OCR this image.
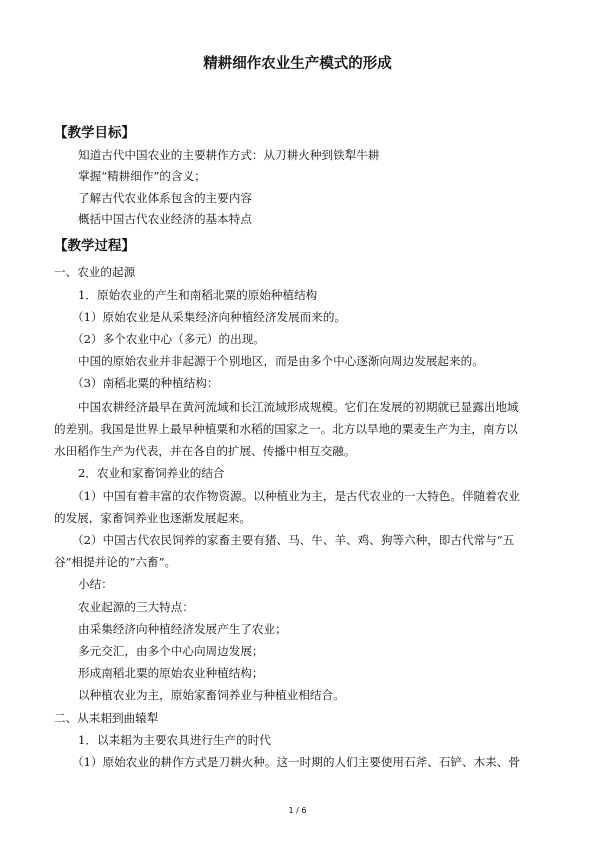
精耕细作农业生产模式的形成
【教学目标】
知道古代中国农业的主要耕作方式：从刀耕火种到铁犁牛耕
掌握“精耕细作”的含义；
了解古代农业体系包含的主要内容
概括中国古代农业经济的基本特点
【教学过程】
一、农业的起源
1．原始农业的产生和南稻北粟的原始种植结构
（1）原始农业是从采集经济向种植经济发展而来的。
（2）多个农业中心（多元）的出现。
中国的原始农业并非起源于个别地区，而是由多个中心逐渐向周边发展起来的。
（3）南稻北粟的种植结构：
中国农耕经济最早在黄河流域和长江流域形成规模。它们在发展的初期就已显露出地域
的差别。我国是世界上最早种植粟和水稻的国家之一。北方以旱地的粟麦生产为主，南方以
水田稻作生产为代表，并在各自的扩展、传播中相互交融。
2．农业和家畜饲养业的结合
（1）中国有着丰富的农作物资源。以种植业为主，是古代农业的一大特色。伴随着农业
的发展，家畜饲养业也逐渐发展起来。
（2）中国古代农民饲养的家畜主要有猪、马、牛、羊、鸡、狗等六种，即古代常与“五
谷”相提并论的“六畜”。
小结：
农业起源的三大特点：
由采集经济向种植经济发展产生了农业；
多元交汇，由多个中心向周边发展；
形成南稻北粟的原始农业种植结构；
以种植农业为主，原始家畜饲养业与种植业相结合。
二、从耒耜到曲辕犁
1．以耒耜为主要农具进行生产的时代
（1）原始农业的耕作方式是刀耕火种。这一时期的人们主要使用石斧、石铲、木耒、骨
1 / 6
